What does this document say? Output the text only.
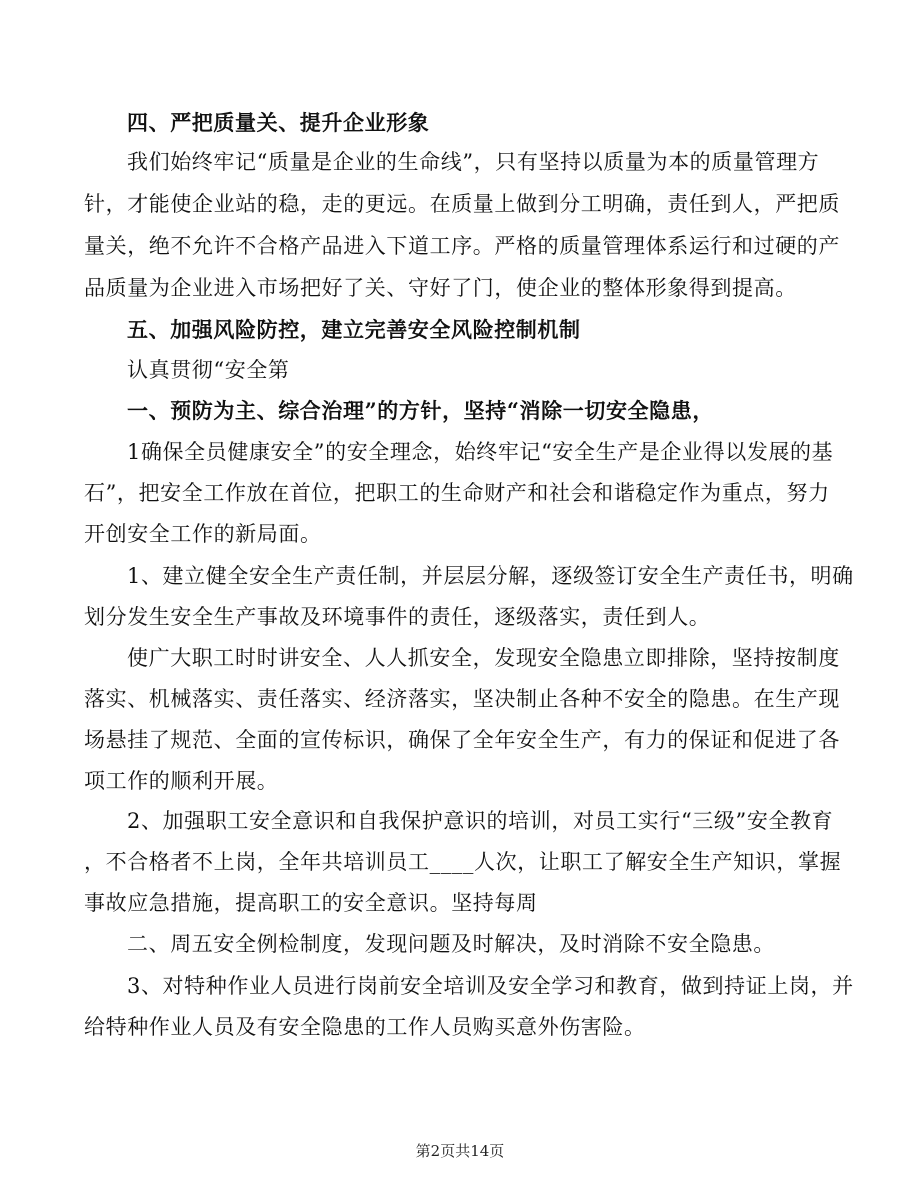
四、严把质量关、提升企业形象
我们始终牢记“质量是企业的生命线”，只有坚持以质量为本的质量管理方
针，才能使企业站的稳，走的更远。在质量上做到分工明确，责任到人，严把质
量关，绝不允许不合格产品进入下道工序。严格的质量管理体系运行和过硬的产
品质量为企业进入市场把好了关、守好了门，使企业的整体形象得到提高。
五、加强风险防控，建立完善安全风险控制机制
认真贯彻“安全第
一、预防为主、综合治理”的方针，坚持“消除一切安全隐患，
1确保全员健康安全”的安全理念，始终牢记“安全生产是企业得以发展的基
石”，把安全工作放在首位，把职工的生命财产和社会和谐稳定作为重点，努力
开创安全工作的新局面。
1、建立健全安全生产责任制，并层层分解，逐级签订安全生产责任书，明确
划分发生安全生产事故及环境事件的责任，逐级落实，责任到人。
使广大职工时时讲安全、人人抓安全，发现安全隐患立即排除，坚持按制度
落实、机械落实、责任落实、经济落实，坚决制止各种不安全的隐患。在生产现
场悬挂了规范、全面的宣传标识，确保了全年安全生产，有力的保证和促进了各
项工作的顺利开展。
2、加强职工安全意识和自我保护意识的培训，对员工实行“三级”安全教育
，不合格者不上岗，全年共培训员工____人次，让职工了解安全生产知识，掌握
事故应急措施，提高职工的安全意识。坚持每周
二、周五安全例检制度，发现问题及时解决，及时消除不安全隐患。
3、对特种作业人员进行岗前安全培训及安全学习和教育，做到持证上岗，并
给特种作业人员及有安全隐患的工作人员购买意外伤害险。
第2页共14页
